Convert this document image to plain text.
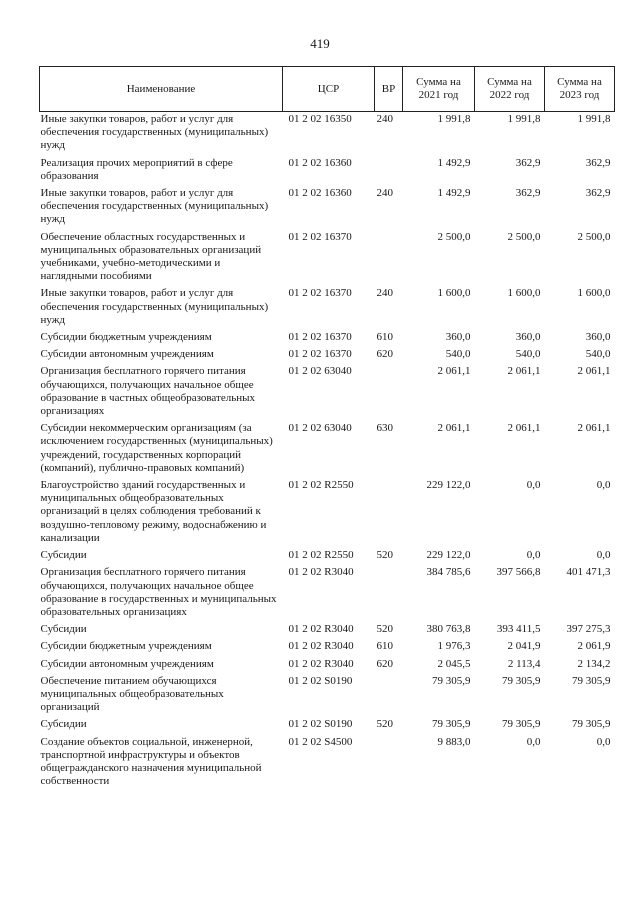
419
Наименование	ЦСР	ВР	Сумма на 2021 год	Сумма на 2022 год	Сумма на 2023 год
Иные закупки товаров, работ и услуг для обеспечения государственных (муниципальных) нужд	01 2 02 16350	240	1 991,8	1 991,8	1 991,8
Реализация прочих мероприятий в сфере образования	01 2 02 16360		1 492,9	362,9	362,9
Иные закупки товаров, работ и услуг для обеспечения государственных (муниципальных) нужд	01 2 02 16360	240	1 492,9	362,9	362,9
Обеспечение областных государственных и муниципальных образовательных организаций учебниками, учебно-методическими и наглядными пособиями	01 2 02 16370		2 500,0	2 500,0	2 500,0
Иные закупки товаров, работ и услуг для обеспечения государственных (муниципальных) нужд	01 2 02 16370	240	1 600,0	1 600,0	1 600,0
Субсидии бюджетным учреждениям	01 2 02 16370	610	360,0	360,0	360,0
Субсидии автономным учреждениям	01 2 02 16370	620	540,0	540,0	540,0
Организация бесплатного горячего питания обучающихся, получающих начальное общее образование в частных общеобразовательных организациях	01 2 02 63040		2 061,1	2 061,1	2 061,1
Субсидии некоммерческим организациям (за исключением государственных (муниципальных) учреждений, государственных корпораций (компаний), публично-правовых компаний)	01 2 02 63040	630	2 061,1	2 061,1	2 061,1
Благоустройство зданий государственных и муниципальных общеобразовательных организаций в целях соблюдения требований к воздушно-тепловому режиму, водоснабжению и канализации	01 2 02 R2550		229 122,0	0,0	0,0
Субсидии	01 2 02 R2550	520	229 122,0	0,0	0,0
Организация бесплатного горячего питания обучающихся, получающих начальное общее образование в государственных и муниципальных образовательных организациях	01 2 02 R3040		384 785,6	397 566,8	401 471,3
Субсидии	01 2 02 R3040	520	380 763,8	393 411,5	397 275,3
Субсидии бюджетным учреждениям	01 2 02 R3040	610	1 976,3	2 041,9	2 061,9
Субсидии автономным учреждениям	01 2 02 R3040	620	2 045,5	2 113,4	2 134,2
Обеспечение питанием обучающихся муниципальных общеобразовательных организаций	01 2 02 S0190		79 305,9	79 305,9	79 305,9
Субсидии	01 2 02 S0190	520	79 305,9	79 305,9	79 305,9
Создание объектов социальной, инженерной, транспортной инфраструктуры и объектов общегражданского назначения муниципальной собственности	01 2 02 S4500		9 883,0	0,0	0,0
